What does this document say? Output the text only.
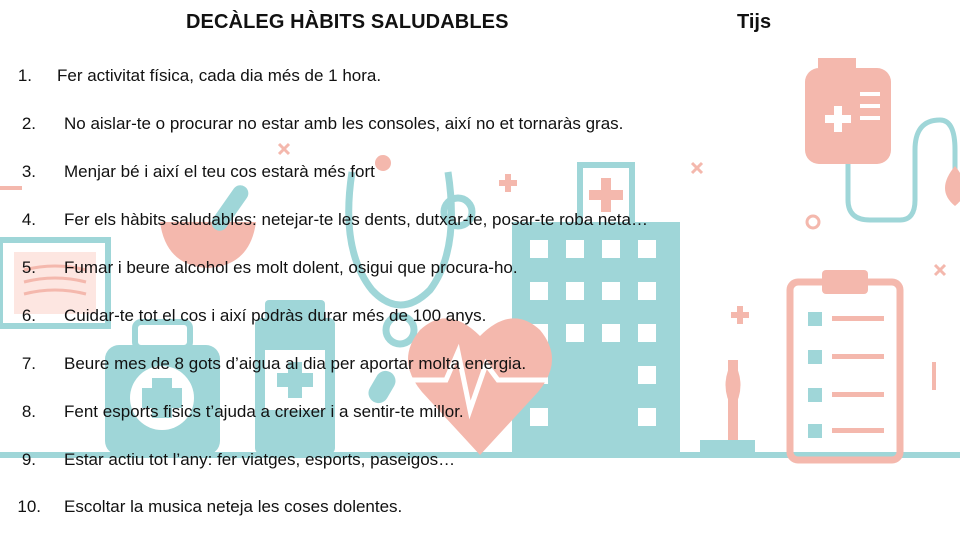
DECÀLEG HÀBITS SALUDABLES	Tijs
1. Fer activitat física, cada dia més de 1 hora.
2. No aislar-te o procurar no estar amb les consoles, així no et tornaràs gras.
3. Menjar bé i així el teu cos estarà més fort
4. Fer els hàbits saludables: netejar-te les dents, dutxar-te, posar-te roba neta…
5. Fumar i beure alcohol es molt dolent, osigui que procura-ho.
6. Cuidar-te tot el cos i així podràs durar més de 100 anys.
7. Beure mes de 8 gots d’aigua al dia per aportar molta energia.
8. Fent esports fisics t’ajuda a creixer i a sentir-te millor.
9. Estar actiu tot l’any: fer viatges, esports, paseigos…
10. Escoltar la musica neteja les coses dolentes.
